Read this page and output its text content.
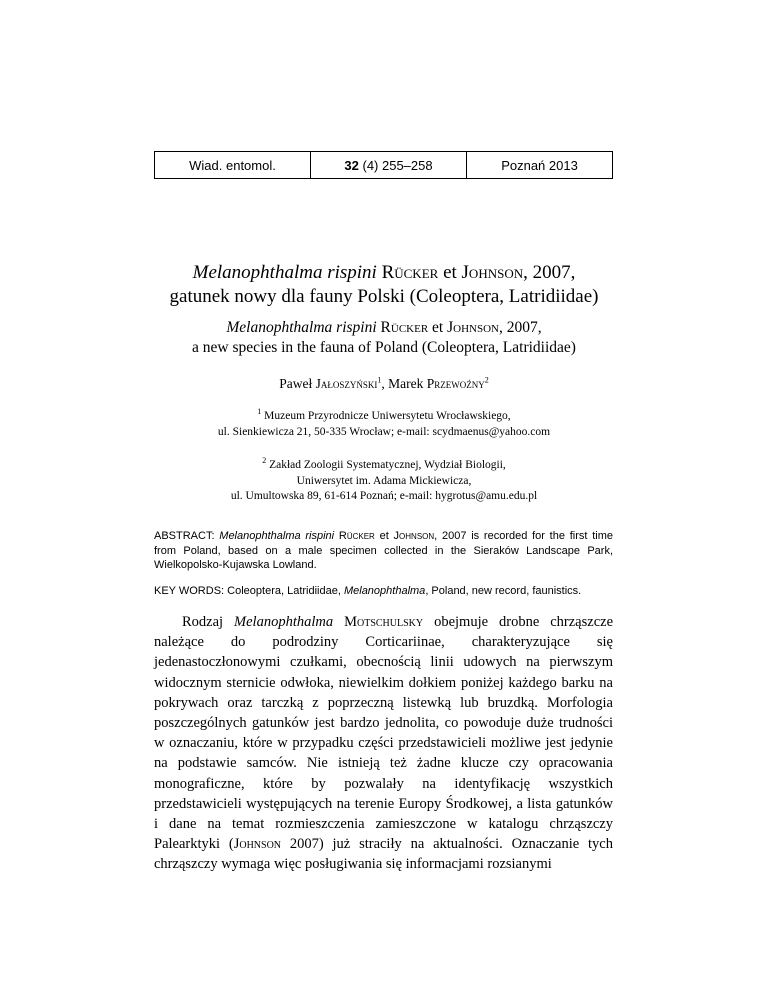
Wiad. entomol.	32 (4) 255–258	Poznań 2013
Melanophthalma rispini Rücker et Johnson, 2007,
gatunek nowy dla fauny Polski (Coleoptera, Latridiidae)
Melanophthalma rispini Rücker et Johnson, 2007,
a new species in the fauna of Poland (Coleoptera, Latridiidae)
Paweł Jałoszyński$^1$, Marek Przewoźny$^2$
$^1$ Muzeum Przyrodnicze Uniwersytetu Wrocławskiego,
ul. Sienkiewicza 21, 50-335 Wrocław; e-mail: scydmaenus@yahoo.com
$^2$ Zakład Zoologii Systematycznej, Wydział Biologii,
Uniwersytet im. Adama Mickiewicza,
ul. Umultowska 89, 61-614 Poznań; e-mail: hygrotus@amu.edu.pl
ABSTRACT: Melanophthalma rispini Rücker et Johnson, 2007 is recorded for the first time from Poland, based on a male specimen collected in the Sieraków Landscape Park, Wielkopolsko-Kujawska Lowland.
KEY WORDS: Coleoptera, Latridiidae, Melanophthalma, Poland, new record, faunistics.

Rodzaj Melanophthalma Motschulsky obejmuje drobne chrząszcze należące do podrodziny Corticariinae, charakteryzujące się jedenastoczłonowymi czułkami, obecnością linii udowych na pierwszym widocznym sternicie odwłoka, niewielkim dołkiem poniżej każdego barku na pokrywach oraz tarczką z poprzeczną listewką lub bruzdką. Morfologia poszczególnych gatunków jest bardzo jednolita, co powoduje duże trudności w oznaczaniu, które w przypadku części przedstawicieli możliwe jest jedynie na podstawie samców. Nie istnieją też żadne klucze czy opracowania monograficzne, które by pozwalały na identyfikację wszystkich przedstawicieli występujących na terenie Europy Środkowej, a lista gatunków i dane na temat rozmieszczenia zamieszczone w katalogu chrząszczy Palearktyki (Johnson 2007) już straciły na aktualności. Oznaczanie tych chrząszczy wymaga więc posługiwania się informacjami rozsianymi
